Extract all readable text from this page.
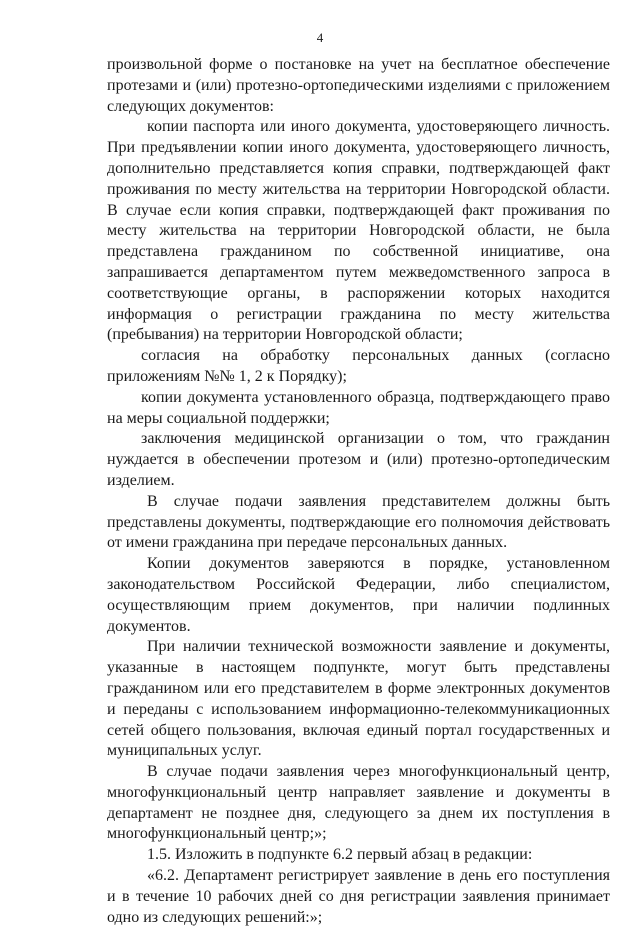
4

произвольной форме о постановке на учет на бесплатное обеспечение протезами и (или) протезно-ортопедическими изделиями с приложением следующих документов:

копии паспорта или иного документа, удостоверяющего личность. При предъявлении копии иного документа, удостоверяющего личность, дополнительно представляется копия справки, подтверждающей факт проживания по месту жительства на территории Новгородской области. В случае если копия справки, подтверждающей факт проживания по месту жительства на территории Новгородской области, не была представлена гражданином по собственной инициативе, она запрашивается департаментом путем межведомственного запроса в соответствующие органы, в распоряжении которых находится информация о регистрации гражданина по месту жительства (пребывания) на территории Новгородской области;

согласия на обработку персональных данных (согласно приложениям №№ 1, 2 к Порядку);

копии документа установленного образца, подтверждающего право на меры социальной поддержки;

заключения медицинской организации о том, что гражданин нуждается в обеспечении протезом и (или) протезно-ортопедическим изделием.

В случае подачи заявления представителем должны быть представлены документы, подтверждающие его полномочия действовать от имени гражданина при передаче персональных данных.

Копии документов заверяются в порядке, установленном законодательством Российской Федерации, либо специалистом, осуществляющим прием документов, при наличии подлинных документов.

При наличии технической возможности заявление и документы, указанные в настоящем подпункте, могут быть представлены гражданином или его представителем в форме электронных документов и переданы с использованием информационно-телекоммуникационных сетей общего пользования, включая единый портал государственных и муниципальных услуг.

В случае подачи заявления через многофункциональный центр, многофункциональный центр направляет заявление и документы в департамент не позднее дня, следующего за днем их поступления в многофункциональный центр;»;

1.5. Изложить в подпункте 6.2 первый абзац в редакции:

«6.2. Департамент регистрирует заявление в день его поступления и в течение 10 рабочих дней со дня регистрации заявления принимает одно из следующих решений:»;
